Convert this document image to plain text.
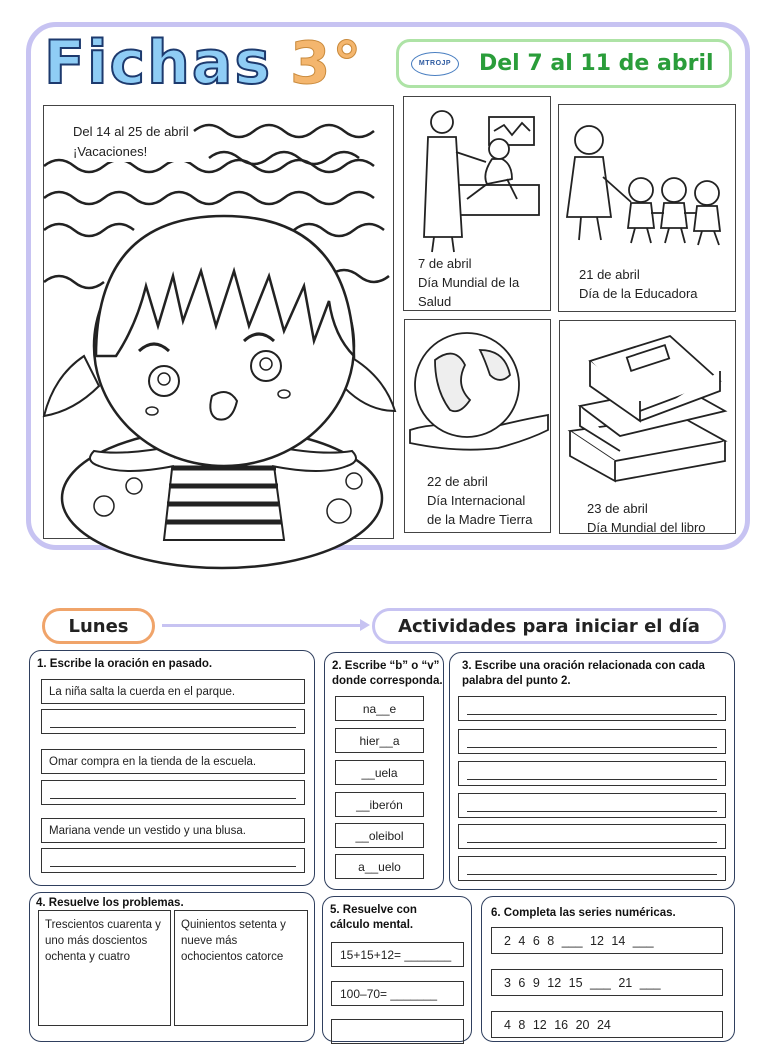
Fichas 3°	MTROJP Del 7 al 11 de abril
Del 14 al 25 de abril
¡Vacaciones!
7 de abril
Día Mundial de la
Salud
21 de abril
Día de la Educadora
22 de abril
Día Internacional
de la Madre Tierra
23 de abril
Día Mundial del libro
Lunes	Actividades para iniciar el día
1. Escribe la oración en pasado.
La niña salta la cuerda en el parque.
Omar compra en la tienda de la escuela.
Mariana vende un vestido y una blusa.
2. Escribe “b” o “v”
donde corresponda.
na__e
hier__a
__uela
__iberón
__oleibol
a__uelo
3. Escribe una oración relacionada con cada
palabra del punto 2.
4. Resuelve los problemas.
Trescientos cuarenta y uno más doscientos ochenta y cuatro
Quinientos setenta y nueve más ochocientos catorce
5. Resuelve con
cálculo mental.
15+15+12= _______
100–70= _______
6. Completa las series numéricas.
2 4 6 8 ___ 12 14 ___
3 6 9 12 15 ___ 21 ___
4 8 12 16 20 24
